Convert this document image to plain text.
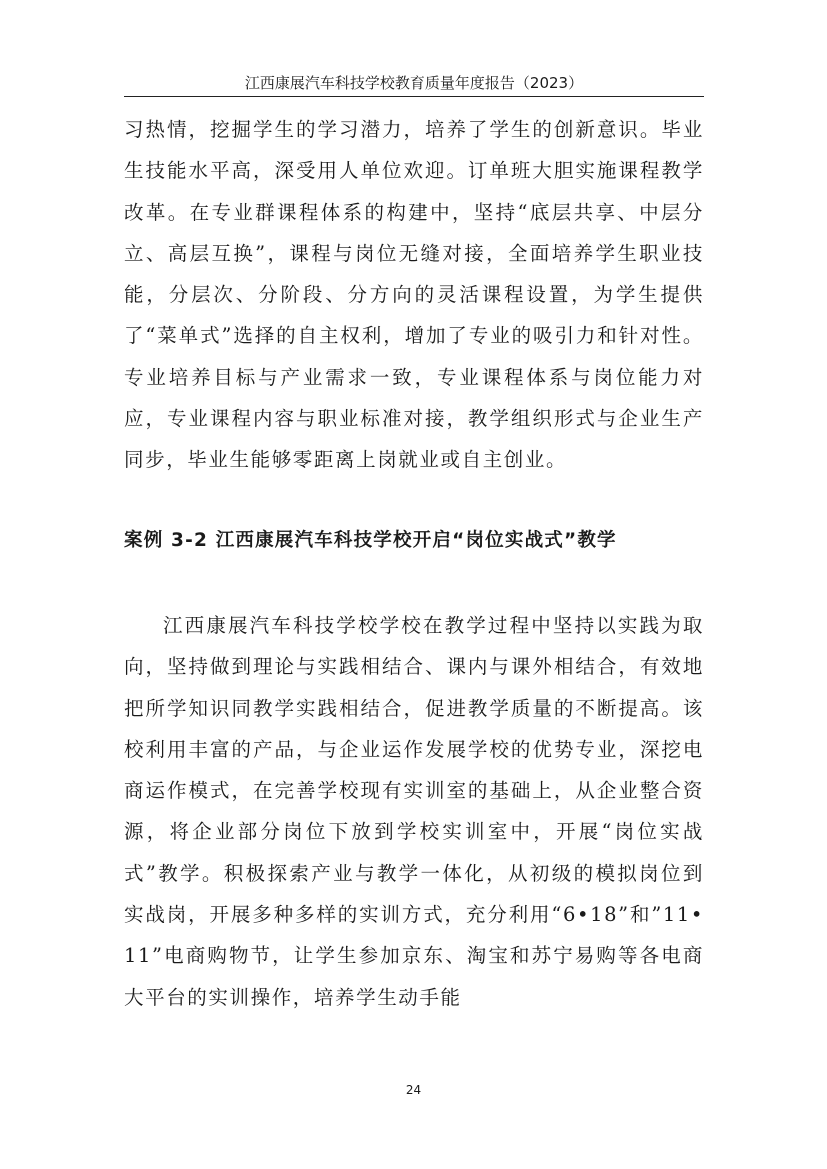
江西康展汽车科技学校教育质量年度报告（2023）

习热情，挖掘学生的学习潜力，培养了学生的创新意识。毕业生技能水平高，深受用人单位欢迎。订单班大胆实施课程教学改革。在专业群课程体系的构建中，坚持“底层共享、中层分立、高层互换”，课程与岗位无缝对接，全面培养学生职业技能，分层次、分阶段、分方向的灵活课程设置，为学生提供了“菜单式”选择的自主权利，增加了专业的吸引力和针对性。专业培养目标与产业需求一致，专业课程体系与岗位能力对应，专业课程内容与职业标准对接，教学组织形式与企业生产同步，毕业生能够零距离上岗就业或自主创业。

案例 3-2 江西康展汽车科技学校开启“岗位实战式”教学

江西康展汽车科技学校学校在教学过程中坚持以实践为取向，坚持做到理论与实践相结合、课内与课外相结合，有效地把所学知识同教学实践相结合，促进教学质量的不断提高。该校利用丰富的产品，与企业运作发展学校的优势专业，深挖电商运作模式，在完善学校现有实训室的基础上，从企业整合资源，将企业部分岗位下放到学校实训室中，开展“岗位实战式”教学。积极探索产业与教学一体化，从初级的模拟岗位到实战岗，开展多种多样的实训方式，充分利用“6•18”和”11•11”电商购物节，让学生参加京东、淘宝和苏宁易购等各电商大平台的实训操作，培养学生动手能

24
